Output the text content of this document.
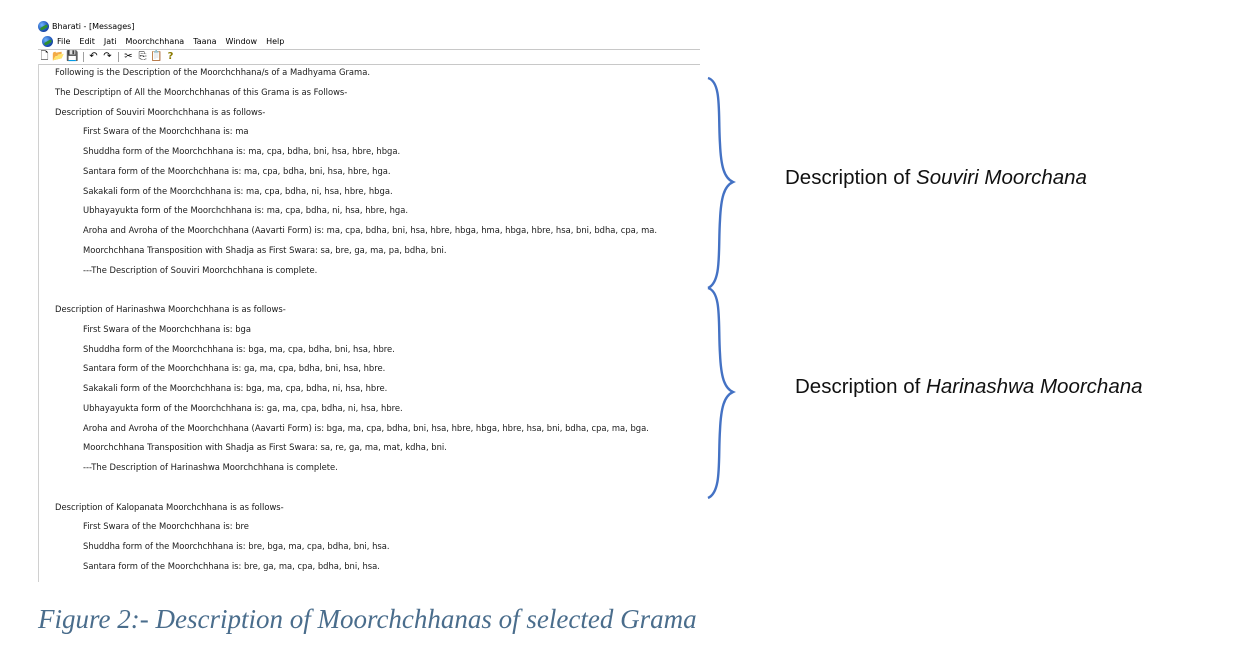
Bharati - [Messages]
File Edit Jati Moorchchhana Taana Window Help
🗋 📂 💾 ↶ ↷ ✂ ⎘ 📋 ?
Following is the Description of the Moorchchhana/s of a Madhyama Grama.
The Descriptipn of All the Moorchchhanas of this Grama is as Follows-
Description of Souviri Moorchchhana is as follows-
First Swara of the Moorchchhana is: ma
Shuddha form of the Moorchchhana is: ma, cpa, bdha, bni, hsa, hbre, hbga.
Santara form of the Moorchchhana is: ma, cpa, bdha, bni, hsa, hbre, hga.
Sakakali form of the Moorchchhana is: ma, cpa, bdha, ni, hsa, hbre, hbga.
Ubhayayukta form of the Moorchchhana is: ma, cpa, bdha, ni, hsa, hbre, hga.
Aroha and Avroha of the Moorchchhana (Aavarti Form) is: ma, cpa, bdha, bni, hsa, hbre, hbga, hma, hbga, hbre, hsa, bni, bdha, cpa, ma.
Moorchchhana Transposition with Shadja as First Swara: sa, bre, ga, ma, pa, bdha, bni.
---The Description of Souviri Moorchchhana is complete.
Description of Harinashwa Moorchchhana is as follows-
First Swara of the Moorchchhana is: bga
Shuddha form of the Moorchchhana is: bga, ma, cpa, bdha, bni, hsa, hbre.
Santara form of the Moorchchhana is: ga, ma, cpa, bdha, bni, hsa, hbre.
Sakakali form of the Moorchchhana is: bga, ma, cpa, bdha, ni, hsa, hbre.
Ubhayayukta form of the Moorchchhana is: ga, ma, cpa, bdha, ni, hsa, hbre.
Aroha and Avroha of the Moorchchhana (Aavarti Form) is: bga, ma, cpa, bdha, bni, hsa, hbre, hbga, hbre, hsa, bni, bdha, cpa, ma, bga.
Moorchchhana Transposition with Shadja as First Swara: sa, re, ga, ma, mat, kdha, bni.
---The Description of Harinashwa Moorchchhana is complete.
Description of Kalopanata Moorchchhana is as follows-
First Swara of the Moorchchhana is: bre
Shuddha form of the Moorchchhana is: bre, bga, ma, cpa, bdha, bni, hsa.
Santara form of the Moorchchhana is: bre, ga, ma, cpa, bdha, bni, hsa.
Description of Souviri Moorchana
Description of Harinashwa Moorchana
Figure 2:- Description of Moorchchhanas of selected Grama
